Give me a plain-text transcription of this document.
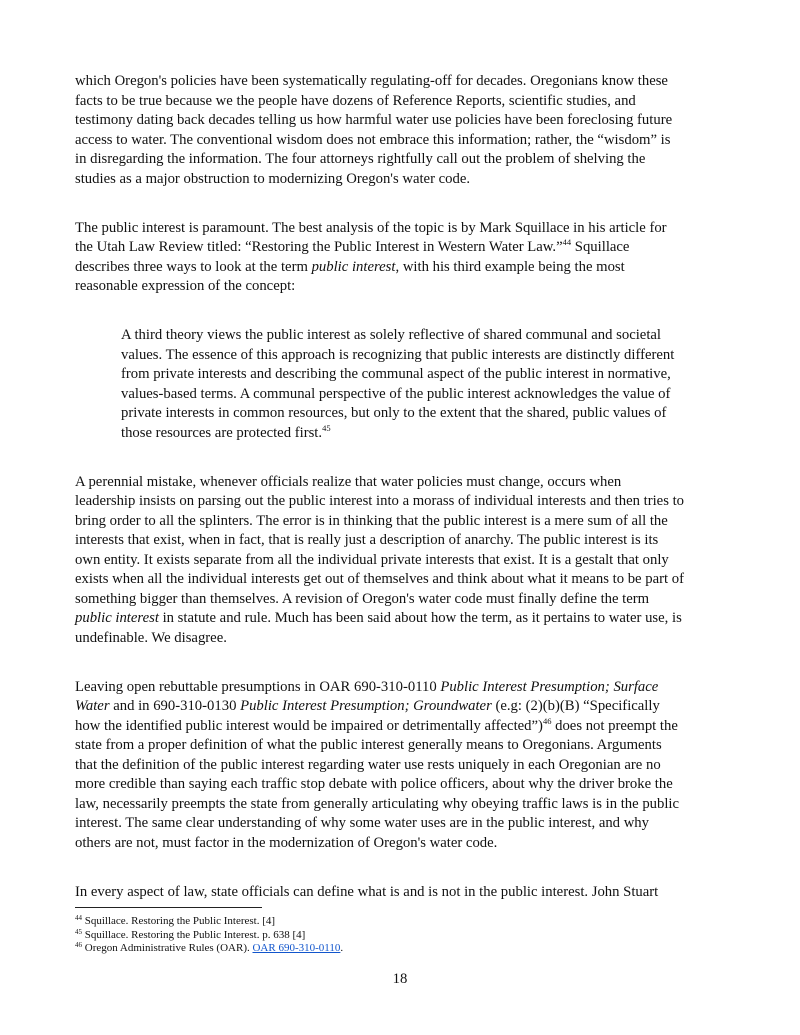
which Oregon's policies have been systematically regulating-off for decades. Oregonians know these
facts to be true because we the people have dozens of Reference Reports, scientific studies, and
testimony dating back decades telling us how harmful water use policies have been foreclosing future
access to water. The conventional wisdom does not embrace this information; rather, the “wisdom” is
in disregarding the information. The four attorneys rightfully call out the problem of shelving the
studies as a major obstruction to modernizing Oregon's water code.
The public interest is paramount. The best analysis of the topic is by Mark Squillace in his article for
the Utah Law Review titled: “Restoring the Public Interest in Western Water Law.”$^{44}$ Squillace
describes three ways to look at the term public interest, with his third example being the most
reasonable expression of the concept:
A third theory views the public interest as solely reflective of shared communal and societal
values. The essence of this approach is recognizing that public interests are distinctly different
from private interests and describing the communal aspect of the public interest in normative,
values-based terms. A communal perspective of the public interest acknowledges the value of
private interests in common resources, but only to the extent that the shared, public values of
those resources are protected first.$^{45}$
A perennial mistake, whenever officials realize that water policies must change, occurs when
leadership insists on parsing out the public interest into a morass of individual interests and then tries to
bring order to all the splinters. The error is in thinking that the public interest is a mere sum of all the
interests that exist, when in fact, that is really just a description of anarchy. The public interest is its
own entity. It exists separate from all the individual private interests that exist. It is a gestalt that only
exists when all the individual interests get out of themselves and think about what it means to be part of
something bigger than themselves. A revision of Oregon's water code must finally define the term
public interest in statute and rule. Much has been said about how the term, as it pertains to water use, is
undefinable. We disagree.
Leaving open rebuttable presumptions in OAR 690-310-0110 Public Interest Presumption; Surface
Water and in 690-310-0130 Public Interest Presumption; Groundwater (e.g: (2)(b)(B) “Specifically
how the identified public interest would be impaired or detrimentally affected”)$^{46}$ does not preempt the
state from a proper definition of what the public interest generally means to Oregonians. Arguments
that the definition of the public interest regarding water use rests uniquely in each Oregonian are no
more credible than saying each traffic stop debate with police officers, about why the driver broke the
law, necessarily preempts the state from generally articulating why obeying traffic laws is in the public
interest. The same clear understanding of why some water uses are in the public interest, and why
others are not, must factor in the modernization of Oregon's water code.
In every aspect of law, state officials can define what is and is not in the public interest. John Stuart
$^{44}$ Squillace. Restoring the Public Interest. [4]
$^{45}$ Squillace. Restoring the Public Interest. p. 638 [4]
$^{46}$ Oregon Administrative Rules (OAR). OAR 690-310-0110.
18
